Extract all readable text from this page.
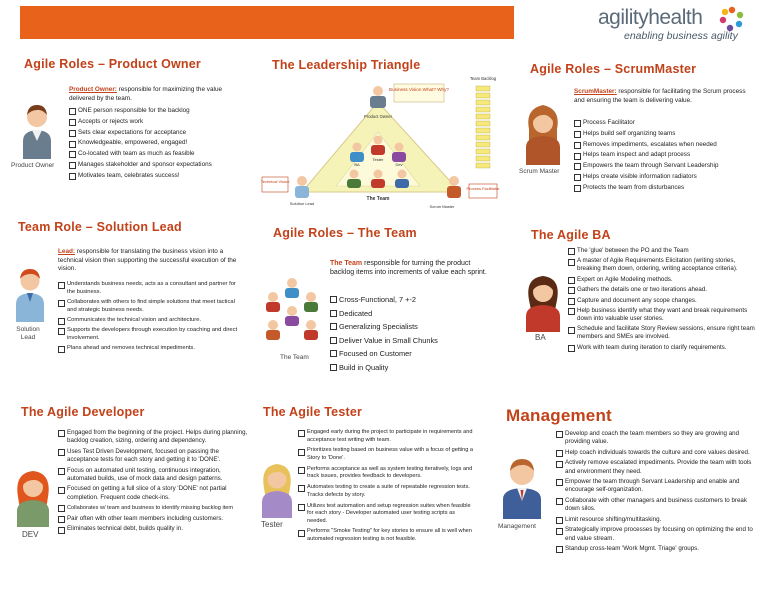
agilityhealth
enabling business agility
Agile Roles – Product Owner
Product Owner
Product Owner: responsible for maximizing the value delivered by the team.
ONE person responsible for the backlog
Accepts or rejects work
Sets clear expectations for acceptance
Knowledgeable, empowered, engaged!
Co-located with team as much as feasible
Manages stakeholder and sponsor expectations
Motivates team, celebrates success!
The Leadership Triangle
Business Vision What? Why?
Product Owner
Team Backlog
BA
Tester
Dev
The Team
Technical Vision
Solution Lead
Scrum Master
Process Facilitator
Agile Roles – ScrumMaster
Scrum Master
ScrumMaster: responsible for facilitating the Scrum process and ensuring the team is delivering value.
Process Facilitator
Helps build self organizing teams
Removes impediments, escalates when needed
Helps team inspect and adapt process
Empowers the team through Servant Leadership
Helps create visible information radiators
Protects the team from disturbances
Team Role – Solution Lead
Solution Lead
Lead: responsible for translating the business vision into a technical vision then supporting the successful execution of the vision.
Understands business needs, acts as a consultant and partner for the business.
Collaborates with others to find simple solutions that meet tactical and strategic business needs.
Communicates the technical vision and architecture.
Supports the developers through execution by coaching and direct involvement.
Plans ahead and removes technical impediments.
Agile Roles – The Team
The Team
The Team responsible for turning the product backlog items into increments of value each sprint.
Cross-Functional, 7 +-2
Dedicated
Generalizing Specialists
Deliver Value in Small Chunks
Focused on Customer
Build in Quality
The Agile BA
BA
The 'glue' between the PO and the Team
A master of Agile Requirements Elicitation (writing stories, breaking them down, ordering, writing acceptance criteria).
Expert on Agile Modeling methods.
Gathers the details one or two iterations ahead.
Capture and document any scope changes.
Help business identify what they want and break requirements down into valuable user stories.
Schedule and facilitate Story Review sessions, ensure right team members and SMEs are involved.
Work with team during iteration to clarify requirements.
The Agile Developer
DEV
Engaged from the beginning of the project. Helps during planning, backlog creation, sizing, ordering and dependency.
Uses Test Driven Development, focused on passing the acceptance tests for each story and getting it to 'DONE'.
Focus on automated unit testing, continuous integration, automated builds, use of mock data and design patterns.
Focused on getting a full slice of a story 'DONE' not partial completion. Frequent code check-ins.
Collaborates w/ team and business to identify missing backlog item
Pair often with other team members including customers.
Eliminates technical debt, builds quality in.
The Agile Tester
Tester
Engaged early during the project to participate in requirements and acceptance test writing with team.
Prioritizes testing based on business value with a focus of getting a Story to 'Done'.
Performs acceptance as well as system testing iteratively, logs and track issues, provides feedback to developers.
Automates testing to create a suite of repeatable regression tests. Tracks defects by story.
Utilizes test automation and setup regression suites when feasible for each story - Developer automated user testing scripts as needed.
Performs "Smoke Testing" for key stories to ensure all is well when automated regression testing is not feasible.
Management
Management
Develop and coach the team members so they are growing and providing value.
Help coach individuals towards the culture and core values desired.
Actively remove escalated impediments. Provide the team with tools and environment they need.
Empower the team through Servant Leadership and enable and encourage self-organization.
Collaborate with other managers and business customers to break down silos.
Limit resource shifting/multitasking.
Strategically improve processes by focusing on optimizing the end to end value stream.
Standup cross-team 'Work Mgmt. Triage' groups.
